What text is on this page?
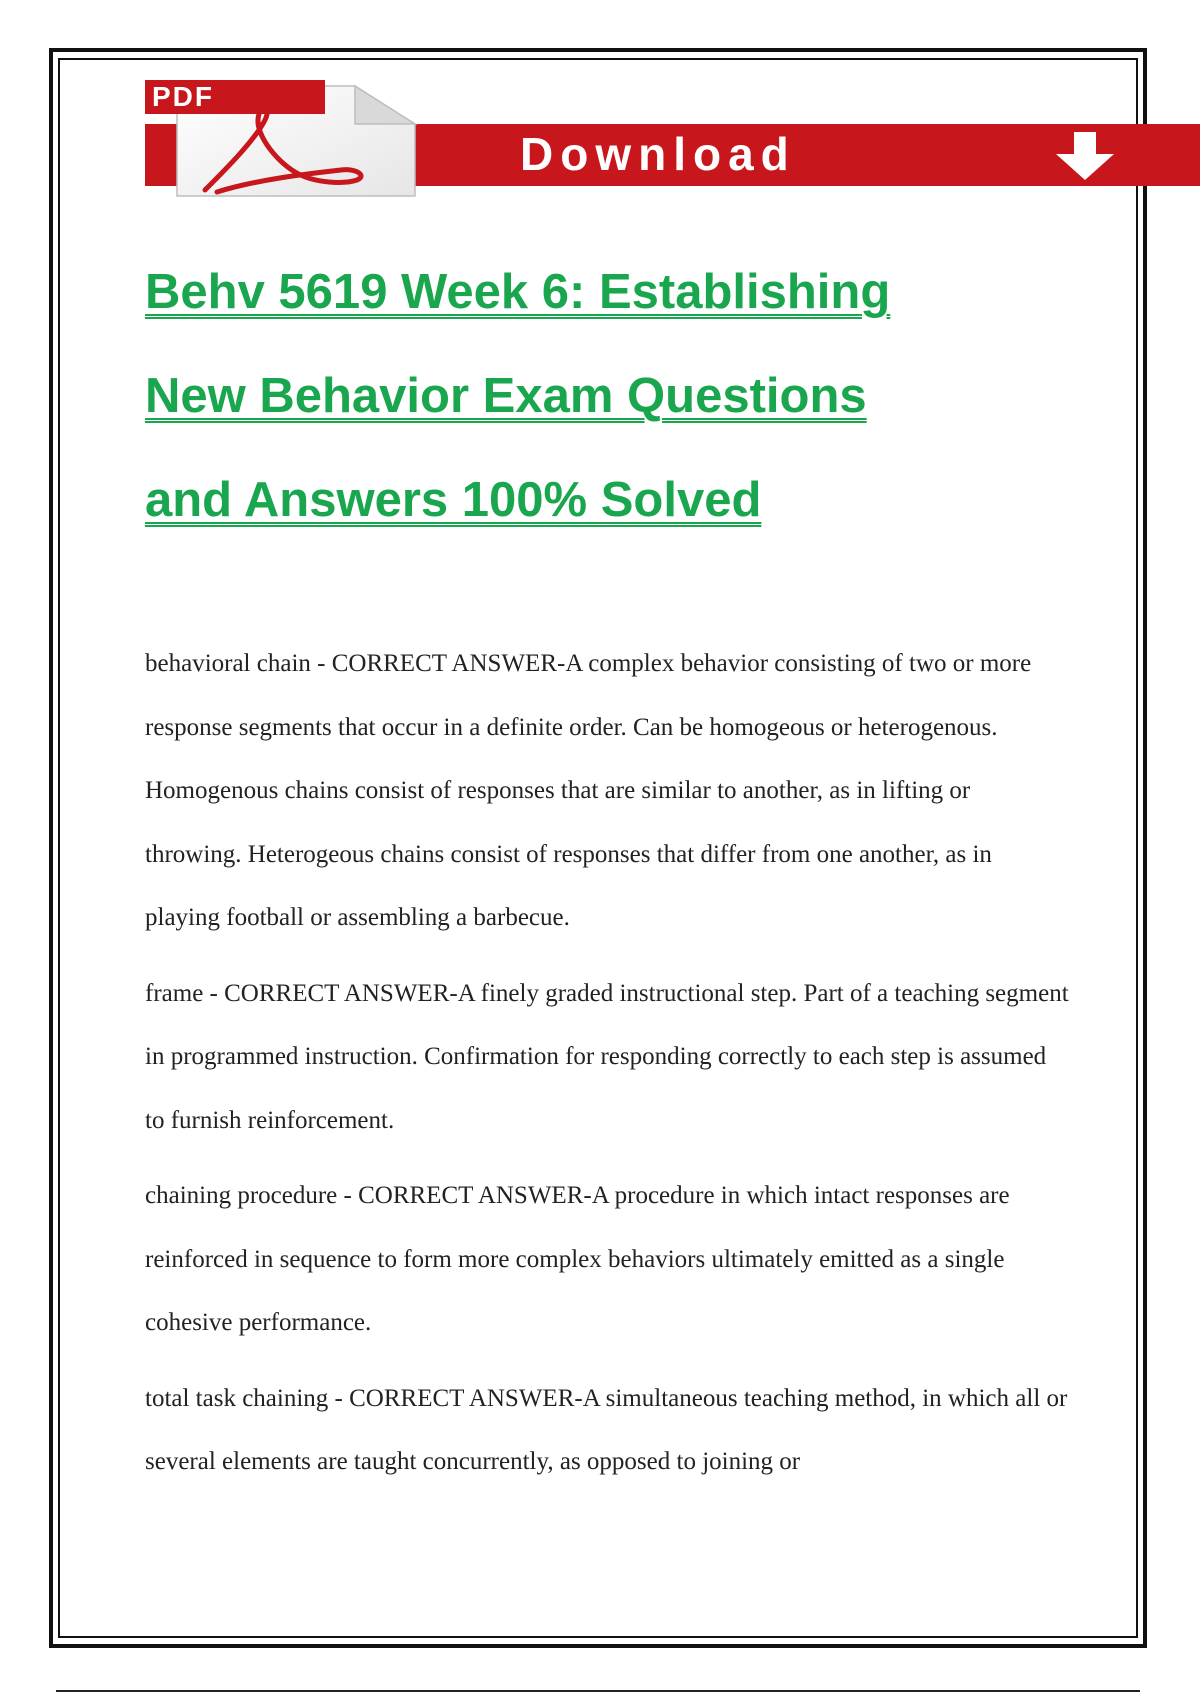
Download
PDF
Behv 5619 Week 6: Establishing
New Behavior Exam Questions
and Answers 100% Solved

behavioral chain - CORRECT ANSWER-A complex behavior consisting of two or more response segments that occur in a definite order. Can be homogeous or heterogenous. Homogenous chains consist of responses that are similar to another, as in lifting or throwing. Heterogeous chains consist of responses that differ from one another, as in playing football or assembling a barbecue.

frame - CORRECT ANSWER-A finely graded instructional step. Part of a teaching segment in programmed instruction. Confirmation for responding correctly to each step is assumed to furnish reinforcement.

chaining procedure - CORRECT ANSWER-A procedure in which intact responses are reinforced in sequence to form more complex behaviors ultimately emitted as a single cohesive performance.

total task chaining - CORRECT ANSWER-A simultaneous teaching method, in which all or several elements are taught concurrently, as opposed to joining or
